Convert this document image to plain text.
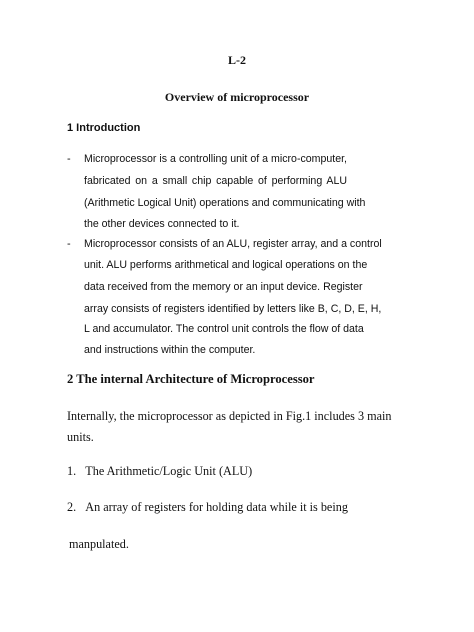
L-2
Overview of microprocessor
1 Introduction
- Microprocessor is a controlling unit of a micro-computer,
fabricated on a small chip capable of performing ALU
(Arithmetic Logical Unit) operations and communicating with
the other devices connected to it.
- Microprocessor consists of an ALU, register array, and a control
unit. ALU performs arithmetical and logical operations on the
data received from the memory or an input device. Register
array consists of registers identified by letters like B, C, D, E, H,
L and accumulator. The control unit controls the flow of data
and instructions within the computer.
2 The internal Architecture of Microprocessor
Internally, the microprocessor as depicted in Fig.1 includes 3 main
units.
1.   The Arithmetic/Logic Unit (ALU)
2.   An array of registers for holding data while it is being
manpulated.
